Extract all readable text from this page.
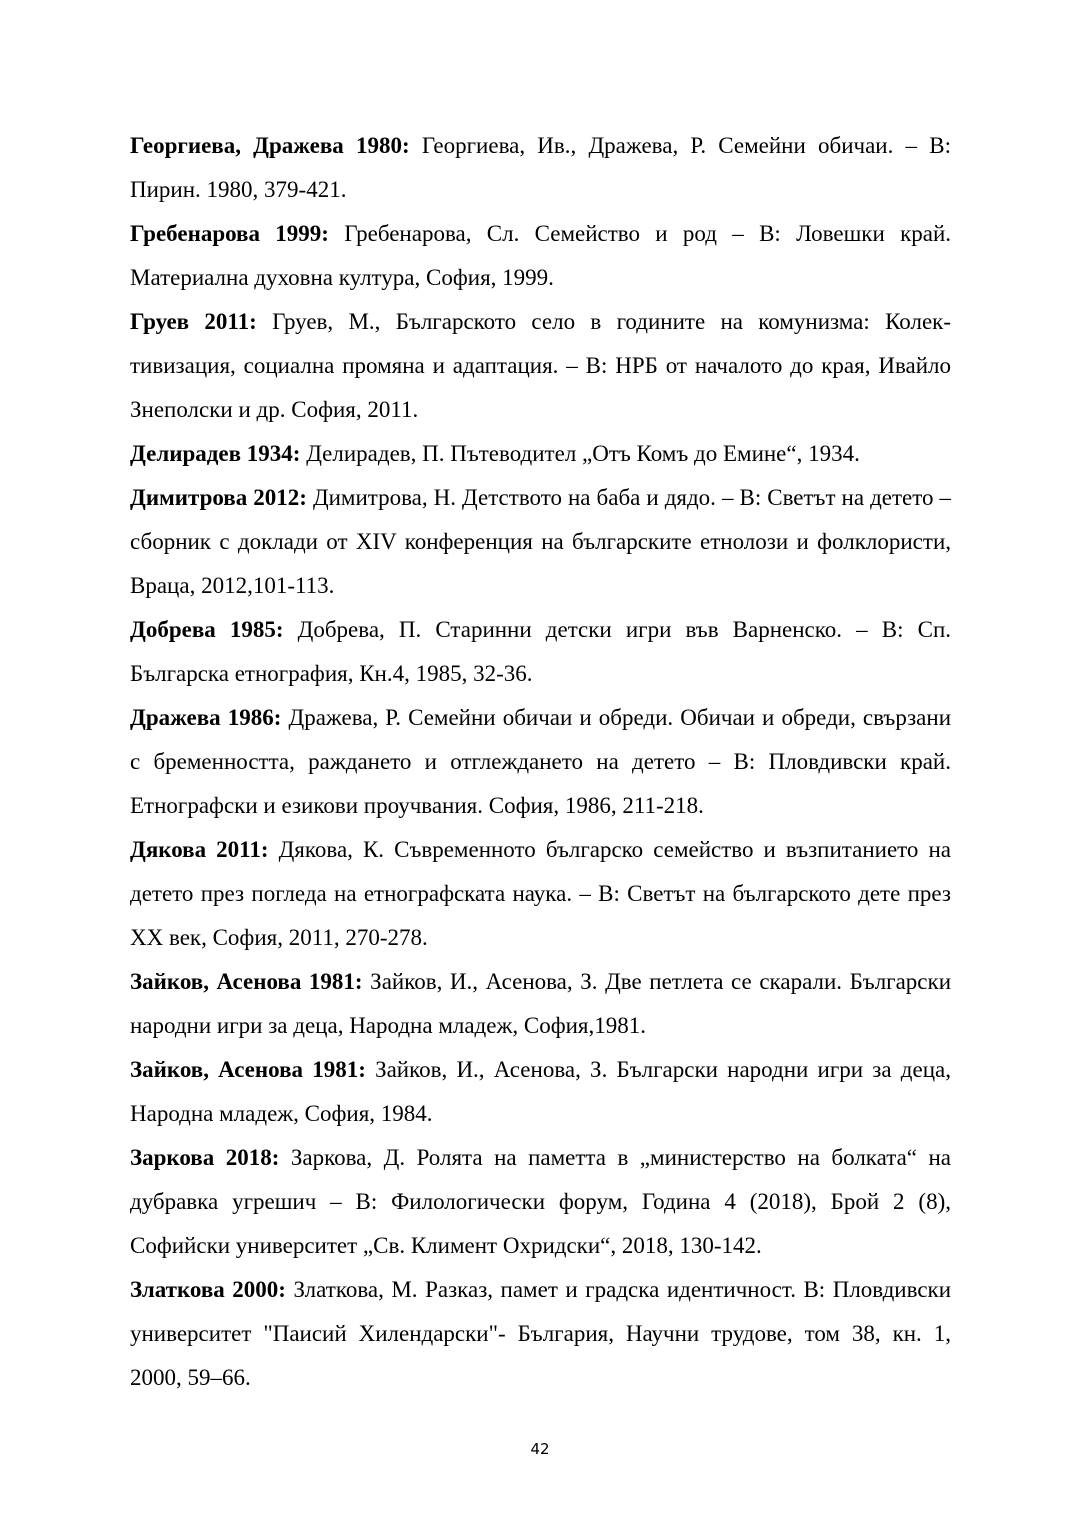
Георгиева, Дражева 1980: Георгиева, Ив., Дражева, Р. Семейни обичаи. – В: Пирин. 1980, 379-421.

Гребенарова 1999: Гребенарова, Сл. Семейство и род – В: Ловешки край. Материална духовна култура, София, 1999.

Груев 2011: Груев, М., Българското село в годините на комунизма: Колек-тивизация, социална промяна и адаптация. – В: НРБ от началото до края, Ивайло Знеполски и др. София, 2011.

Делирадев 1934: Делирадев, П. Пътеводител „Отъ Комъ до Емине“, 1934.

Димитрова 2012: Димитрова, Н. Детството на баба и дядо. – В: Светът на детето – сборник с доклади от XIV конференция на българските етнолози и фолклористи, Враца, 2012,101-113.

Добрева 1985: Добрева, П. Старинни детски игри във Варненско. – В: Сп. Българска етнография, Кн.4, 1985, 32-36.

Дражева 1986: Дражева, Р. Семейни обичаи и обреди. Обичаи и обреди, свързани с бременността, раждането и отглеждането на детето – В: Пловдивски край. Етнографски и езикови проучвания. София, 1986, 211-218.

Дякова 2011: Дякова, К. Съвременното българско семейство и възпитанието на детето през погледа на етнографската наука. – В: Светът на българското дете през XX век, София, 2011, 270-278.

Зайков, Асенова 1981: Зайков, И., Асенова, З. Две петлета се скарали. Български народни игри за деца, Народна младеж, София,1981.

Зайков, Асенова 1981: Зайков, И., Асенова, З. Български народни игри за деца, Народна младеж, София, 1984.

Заркова 2018: Заркова, Д. Ролята на паметта в „министерство на болката“ на дубравка угрешич – В: Филологически форум, Година 4 (2018), Брой 2 (8), Софийски университет „Св. Климент Охридски“, 2018, 130-142.

Златкова 2000: Златкова, М. Разказ, памет и градска идентичност. В: Пловдивски университет "Паисий Хилендарски"- България, Научни трудове, том 38, кн. 1, 2000, 59–66.

42
